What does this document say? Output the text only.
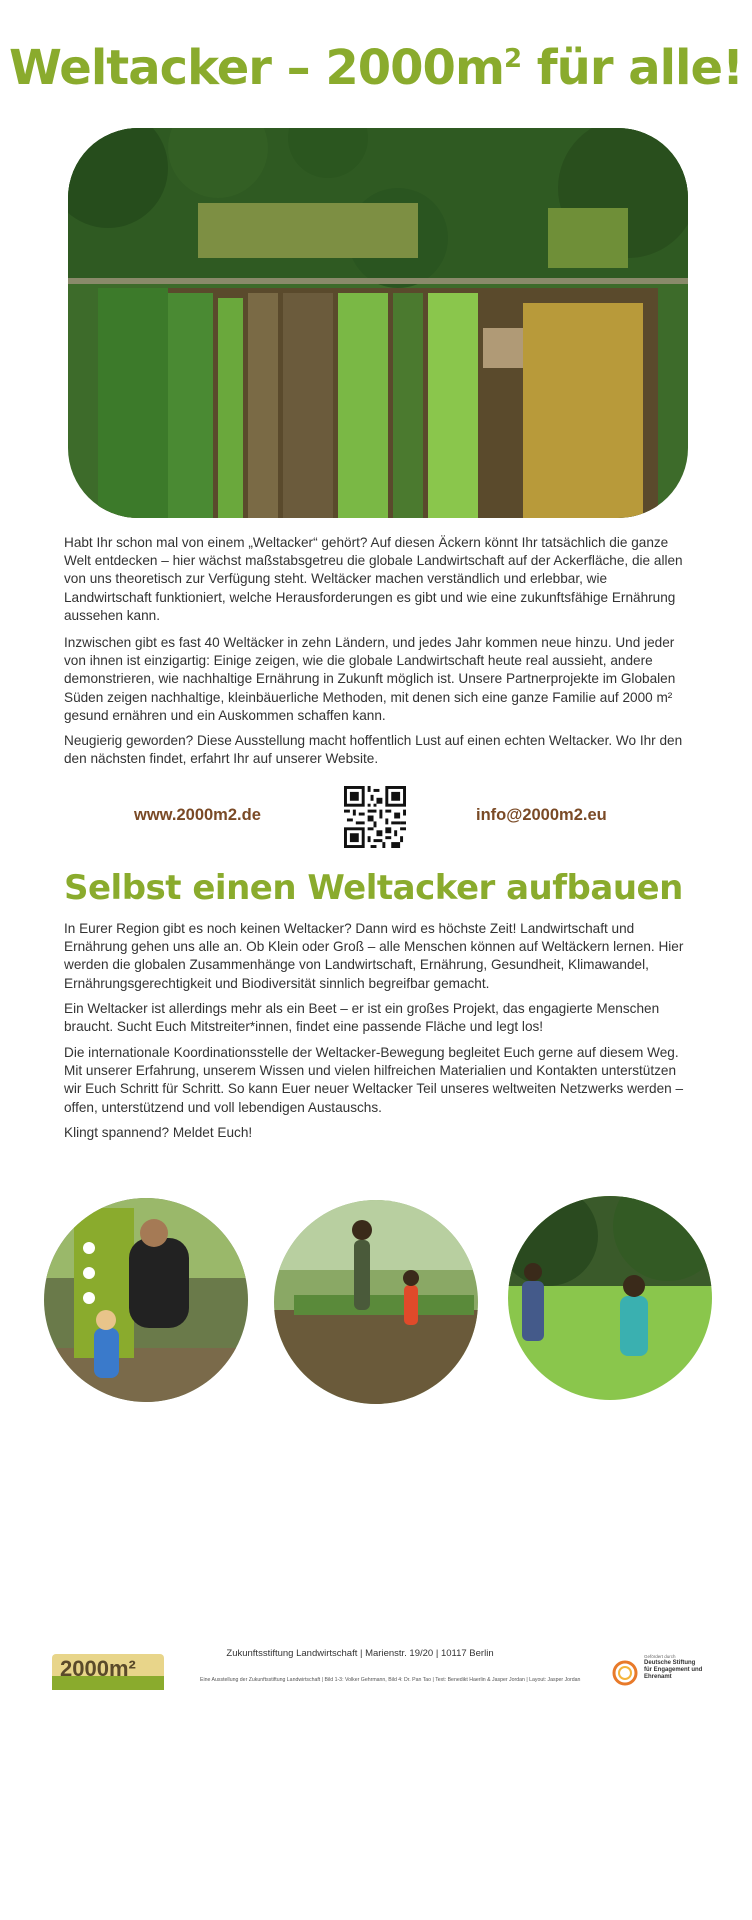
Weltacker – $2000m^2$ für alle!

Habt Ihr schon mal von einem „Weltacker“ gehört? Auf diesen Äckern könnt Ihr tatsächlich die ganze Welt entdecken – hier wächst maßstabsgetreu die globale Landwirtschaft auf der Ackerfläche, die allen von uns theoretisch zur Verfügung steht. Weltäcker machen verständlich und erlebbar, wie Landwirtschaft funktioniert, welche Herausforderungen es gibt und wie eine zukunftsfähige Ernährung aussehen kann.

Inzwischen gibt es fast 40 Weltäcker in zehn Ländern, und jedes Jahr kommen neue hinzu. Und jeder von ihnen ist einzigartig: Einige zeigen, wie die globale Landwirtschaft heute real aussieht, andere demonstrieren, wie nachhaltige Ernährung in Zukunft möglich ist. Unsere Partnerprojekte im Globalen Süden zeigen nachhaltige, kleinbäuerliche Methoden, mit denen sich eine ganze Familie auf 2000 m² gesund ernähren und ein Auskommen schaffen kann.

Neugierig geworden? Diese Ausstellung macht hoffentlich Lust auf einen echten Weltacker. Wo Ihr den den nächsten findet, erfahrt Ihr auf unserer Website.

www.2000m2.de	info@2000m2.eu
Selbst einen Weltacker aufbauen

In Eurer Region gibt es noch keinen Weltacker? Dann wird es höchste Zeit! Landwirtschaft und Ernährung gehen uns alle an. Ob Klein oder Groß – alle Menschen können auf Weltäckern lernen. Hier werden die globalen Zusammenhänge von Landwirtschaft, Ernährung, Gesundheit, Klimawandel, Ernährungsgerechtigkeit und Biodiversität sinnlich begreifbar gemacht.

Ein Weltacker ist allerdings mehr als ein Beet – er ist ein großes Projekt, das engagierte Menschen braucht. Sucht Euch Mitstreiter*innen, findet eine passende Fläche und legt los!

Die internationale Koordinationsstelle der Weltacker-Bewegung begleitet Euch gerne auf diesem Weg. Mit unserer Erfahrung, unserem Wissen und vielen hilfreichen Materialien und Kontakten unterstützen wir Euch Schritt für Schritt. So kann Euer neuer Weltacker Teil unseres weltweiten Netzwerks werden – offen, unterstützend und voll lebendigen Austauschs.

Klingt spannend? Meldet Euch!

2000m²
Zukunftsstiftung Landwirtschaft | Marienstr. 19/20 | 10117 Berlin
Eine Ausstellung der Zukunftsstiftung Landwirtschaft | Bild 1-3: Volker Gehrmann, Bild 4: Dr. Pan Tao | Text: Benedikt Haerlin & Jasper Jordan | Layout: Jasper Jordan
Gefördert durch
Deutsche Stiftung für Engagement und Ehrenamt
